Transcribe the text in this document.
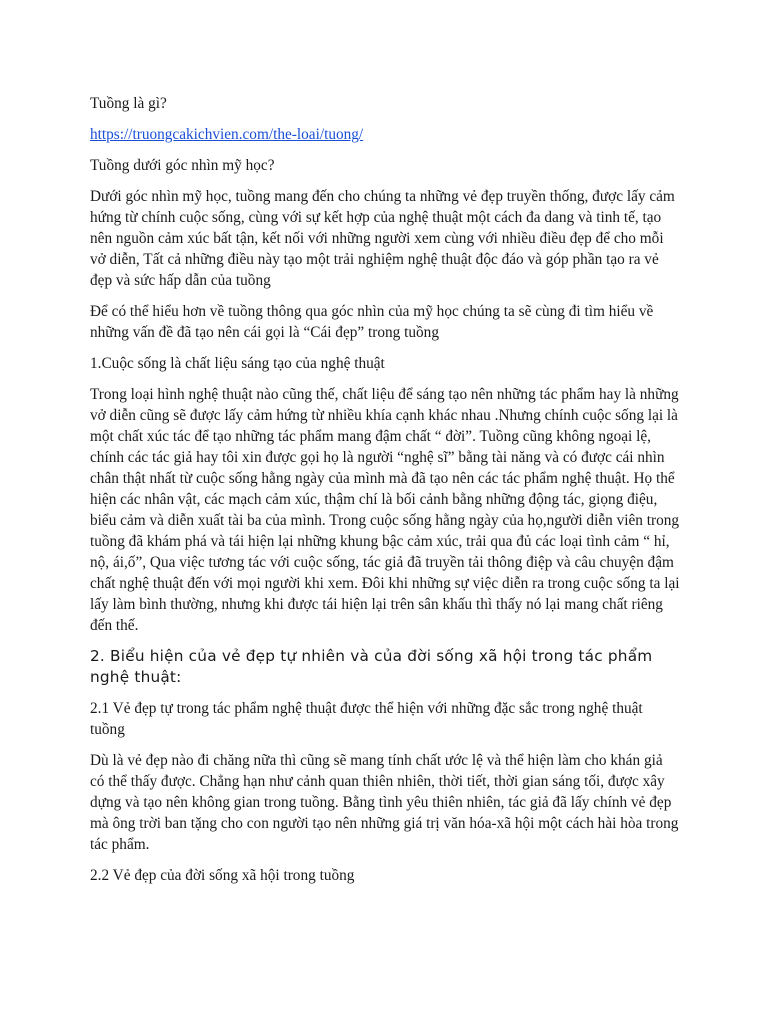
Tuồng là gì?

https://truongcakichvien.com/the-loai/tuong/

Tuồng dưới góc nhìn mỹ học?

Dưới góc nhìn mỹ học, tuồng mang đến cho chúng ta những vẻ đẹp truyền thống, được lấy cảm hứng từ chính cuộc sống, cùng với sự kết hợp của nghệ thuật một cách đa dang và tinh tế, tạo nên nguồn cảm xúc bất tận, kết nối với những người xem cùng với nhiều điều đẹp để cho mỗi vở diễn, Tất cả những điều này tạo một trải nghiệm nghệ thuật độc đáo và góp phần tạo ra vẻ đẹp và sức hấp dẫn của tuồng

Để có thể hiểu hơn về tuồng thông qua góc nhìn của mỹ học chúng ta sẽ cùng đi tìm hiểu về những vấn đề đã tạo nên cái gọi là “Cái đẹp” trong tuồng

1.Cuộc sống là chất liệu sáng tạo của nghệ thuật

Trong loại hình nghệ thuật nào cũng thế, chất liệu để sáng tạo nên những tác phẩm hay là những vở diễn cũng sẽ được lấy cảm hứng từ nhiều khía cạnh khác nhau .Nhưng chính cuộc sống lại là một chất xúc tác để tạo những tác phẩm mang đậm chất “ đời”. Tuồng cũng không ngoại lệ, chính các tác giả hay tôi xin được gọi họ là người “nghệ sĩ” bằng tài năng và có được cái nhìn chân thật nhất từ cuộc sống hằng ngày của mình mà đã tạo nên các tác phẩm nghệ thuật. Họ thể hiện các nhân vật, các mạch cảm xúc, thậm chí là bối cảnh bằng những động tác, giọng điệu, biểu cảm và diễn xuất tài ba của mình. Trong cuộc sống hằng ngày của họ,người diễn viên trong tuồng đã khám phá và tái hiện lại những khung bậc cảm xúc, trải qua đủ các loại tình cảm “ hỉ, nộ, ái,ố”, Qua việc tương tác với cuộc sống, tác giả đã truyền tải thông điệp và câu chuyện đậm chất nghệ thuật đến với mọi người khi xem. Đôi khi những sự việc diễn ra trong cuộc sống ta lại lấy làm bình thường, nhưng khi được tái hiện lại trên sân khấu thì thấy nó lại mang chất riêng đến thế.

2. Biểu hiện của vẻ đẹp tự nhiên và của đời sống xã hội trong tác phẩm nghệ thuật:

2.1 Vẻ đẹp tự trong tác phẩm nghệ thuật được thể hiện với những đặc sắc trong nghệ thuật tuồng

Dù là vẻ đẹp nào đi chăng nữa thì cũng sẽ mang tính chất ước lệ và thể hiện làm cho khán giả có thể thấy được. Chẳng hạn như cảnh quan thiên nhiên, thời tiết, thời gian sáng tối, được xây dựng và tạo nên không gian trong tuồng. Bằng tình yêu thiên nhiên, tác giả đã lấy chính vẻ đẹp mà ông trời ban tặng cho con người tạo nên những giá trị văn hóa-xã hội một cách hài hòa trong tác phẩm.

2.2 Vẻ đẹp của đời sống xã hội trong tuồng
